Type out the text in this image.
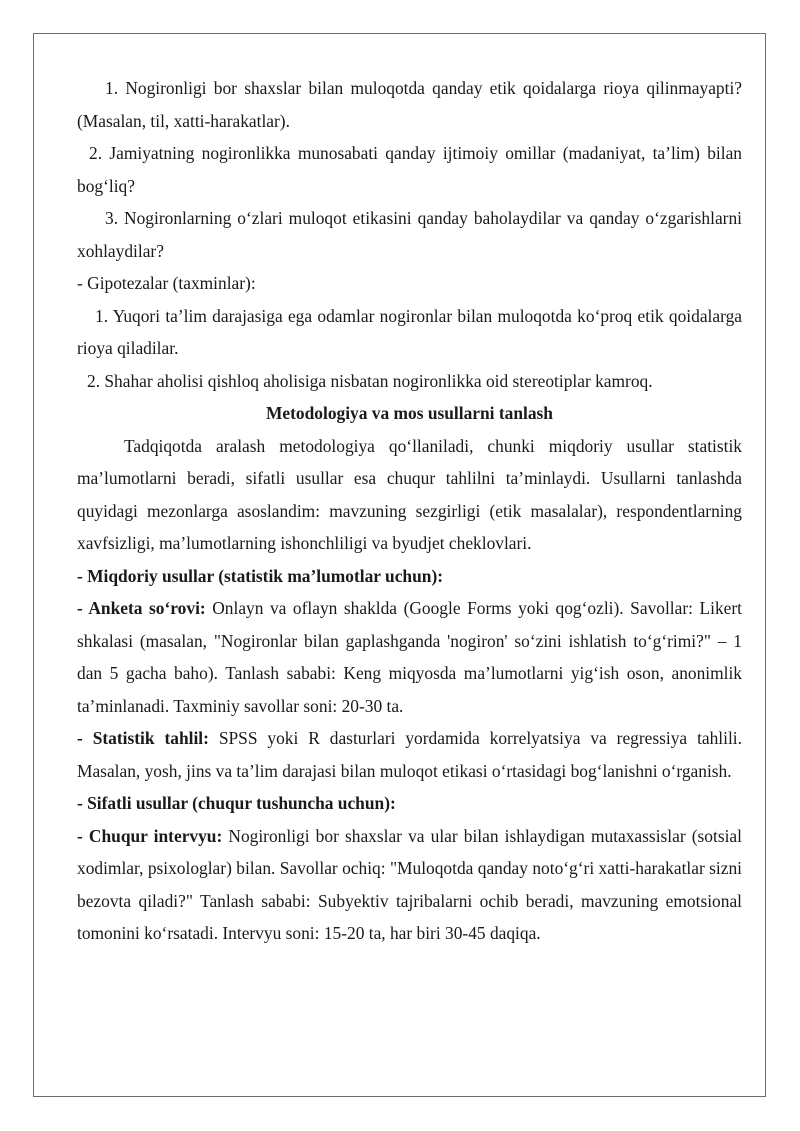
1. Nogironligi bor shaxslar bilan muloqotda qanday etik qoidalarga rioya qilinmayapti? (Masalan, til, xatti-harakatlar).

2. Jamiyatning nogironlikka munosabati qanday ijtimoiy omillar (madaniyat, ta’lim) bilan bog‘liq?

3. Nogironlarning o‘zlari muloqot etikasini qanday baholaydilar va qanday o‘zgarishlarni xohlaydilar?

- Gipotezalar (taxminlar):

1. Yuqori ta’lim darajasiga ega odamlar nogironlar bilan muloqotda ko‘proq etik qoidalarga rioya qiladilar.

2. Shahar aholisi qishloq aholisiga nisbatan nogironlikka oid stereotiplar kamroq.

Metodologiya va mos usullarni tanlash

Tadqiqotda aralash metodologiya qo‘llaniladi, chunki miqdoriy usullar statistik ma’lumotlarni beradi, sifatli usullar esa chuqur tahlilni ta’minlaydi. Usullarni tanlashda quyidagi mezonlarga asoslandim: mavzuning sezgirligi (etik masalalar), respondentlarning xavfsizligi, ma’lumotlarning ishonchliligi va byudjet cheklovlari.

- Miqdoriy usullar (statistik ma’lumotlar uchun):

- Anketa so‘rovi: Onlayn va oflayn shaklda (Google Forms yoki qog‘ozli). Savollar: Likert shkalasi (masalan, "Nogironlar bilan gaplashganda 'nogiron' so‘zini ishlatish to‘g‘rimi?" – 1 dan 5 gacha baho). Tanlash sababi: Keng miqyosda ma’lumotlarni yig‘ish oson, anonimlik ta’minlanadi. Taxminiy savollar soni: 20-30 ta.

- Statistik tahlil: SPSS yoki R dasturlari yordamida korrelyatsiya va regressiya tahlili. Masalan, yosh, jins va ta’lim darajasi bilan muloqot etikasi o‘rtasidagi bog‘lanishni o‘rganish.

- Sifatli usullar (chuqur tushuncha uchun):

- Chuqur intervyu: Nogironligi bor shaxslar va ular bilan ishlaydigan mutaxassislar (sotsial xodimlar, psixologlar) bilan. Savollar ochiq: "Muloqotda qanday noto‘g‘ri xatti-harakatlar sizni bezovta qiladi?" Tanlash sababi: Subyektiv tajribalarni ochib beradi, mavzuning emotsional tomonini ko‘rsatadi. Intervyu soni: 15-20 ta, har biri 30-45 daqiqa.
